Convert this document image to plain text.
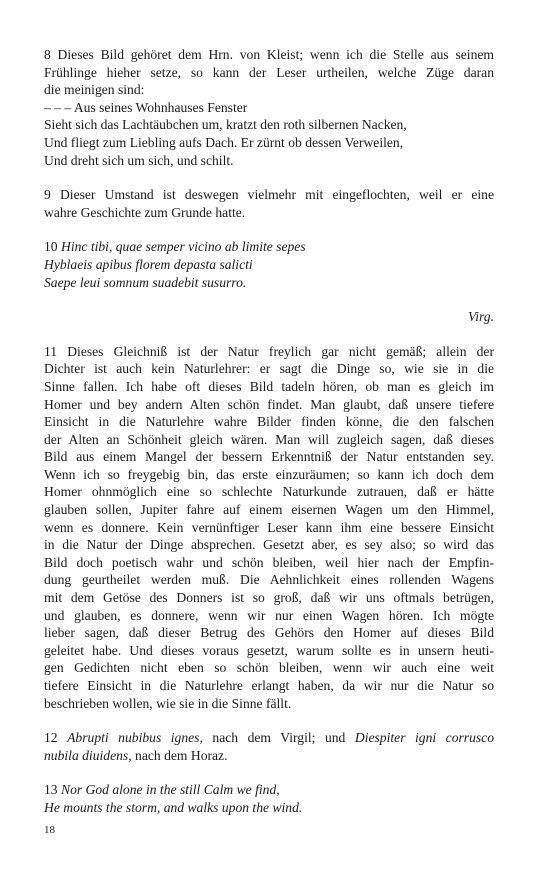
8 Dieses Bild gehöret dem Hrn. von Kleist; wenn ich die Stelle aus seinem
Frühlinge hieher setze, so kann der Leser urtheilen, welche Züge daran
die meinigen sind:
– – – Aus seines Wohnhauses Fenster
Sieht sich das Lachtäubchen um, kratzt den roth silbernen Nacken,
Und fliegt zum Liebling aufs Dach. Er zürnt ob dessen Verweilen,
Und dreht sich um sich, und schilt.
9 Dieser Umstand ist deswegen vielmehr mit eingeflochten, weil er eine
wahre Geschichte zum Grunde hatte.
10 Hinc tibi, quae semper vicino ab limite sepes
Hyblaeis apibus florem depasta salicti
Saepe leui somnum suadebit susurro.
Virg.
11 Dieses Gleichniß ist der Natur freylich gar nicht gemäß; allein der
Dichter ist auch kein Naturlehrer: er sagt die Dinge so, wie sie in die
Sinne fallen. Ich habe oft dieses Bild tadeln hören, ob man es gleich im
Homer und bey andern Alten schön findet. Man glaubt, daß unsere tiefere
Einsicht in die Naturlehre wahre Bilder finden könne, die den falschen
der Alten an Schönheit gleich wären. Man will zugleich sagen, daß dieses
Bild aus einem Mangel der bessern Erkenntniß der Natur entstanden sey.
Wenn ich so freygebig bin, das erste einzuräumen; so kann ich doch dem
Homer ohnmöglich eine so schlechte Naturkunde zutrauen, daß er hätte
glauben sollen, Jupiter fahre auf einem eisernen Wagen um den Himmel,
wenn es donnere. Kein vernünftiger Leser kann ihm eine bessere Einsicht
in die Natur der Dinge absprechen. Gesetzt aber, es sey also; so wird das
Bild doch poetisch wahr und schön bleiben, weil hier nach der Empfin-
dung geurtheilet werden muß. Die Aehnlichkeit eines rollenden Wagens
mit dem Getöse des Donners ist so groß, daß wir uns oftmals betrügen,
und glauben, es donnere, wenn wir nur einen Wagen hören. Ich mögte
lieber sagen, daß dieser Betrug des Gehörs den Homer auf dieses Bild
geleitet habe. Und dieses voraus gesetzt, warum sollte es in unsern heuti-
gen Gedichten nicht eben so schön bleiben, wenn wir auch eine weit
tiefere Einsicht in die Naturlehre erlangt haben, da wir nur die Natur so
beschrieben wollen, wie sie in die Sinne fällt.
12 Abrupti nubibus ignes, nach dem Virgil; und Diespiter igni corrusco
nubila diuidens, nach dem Horaz.
13 Nor God alone in the still Calm we find,
He mounts the storm, and walks upon the wind.
18
